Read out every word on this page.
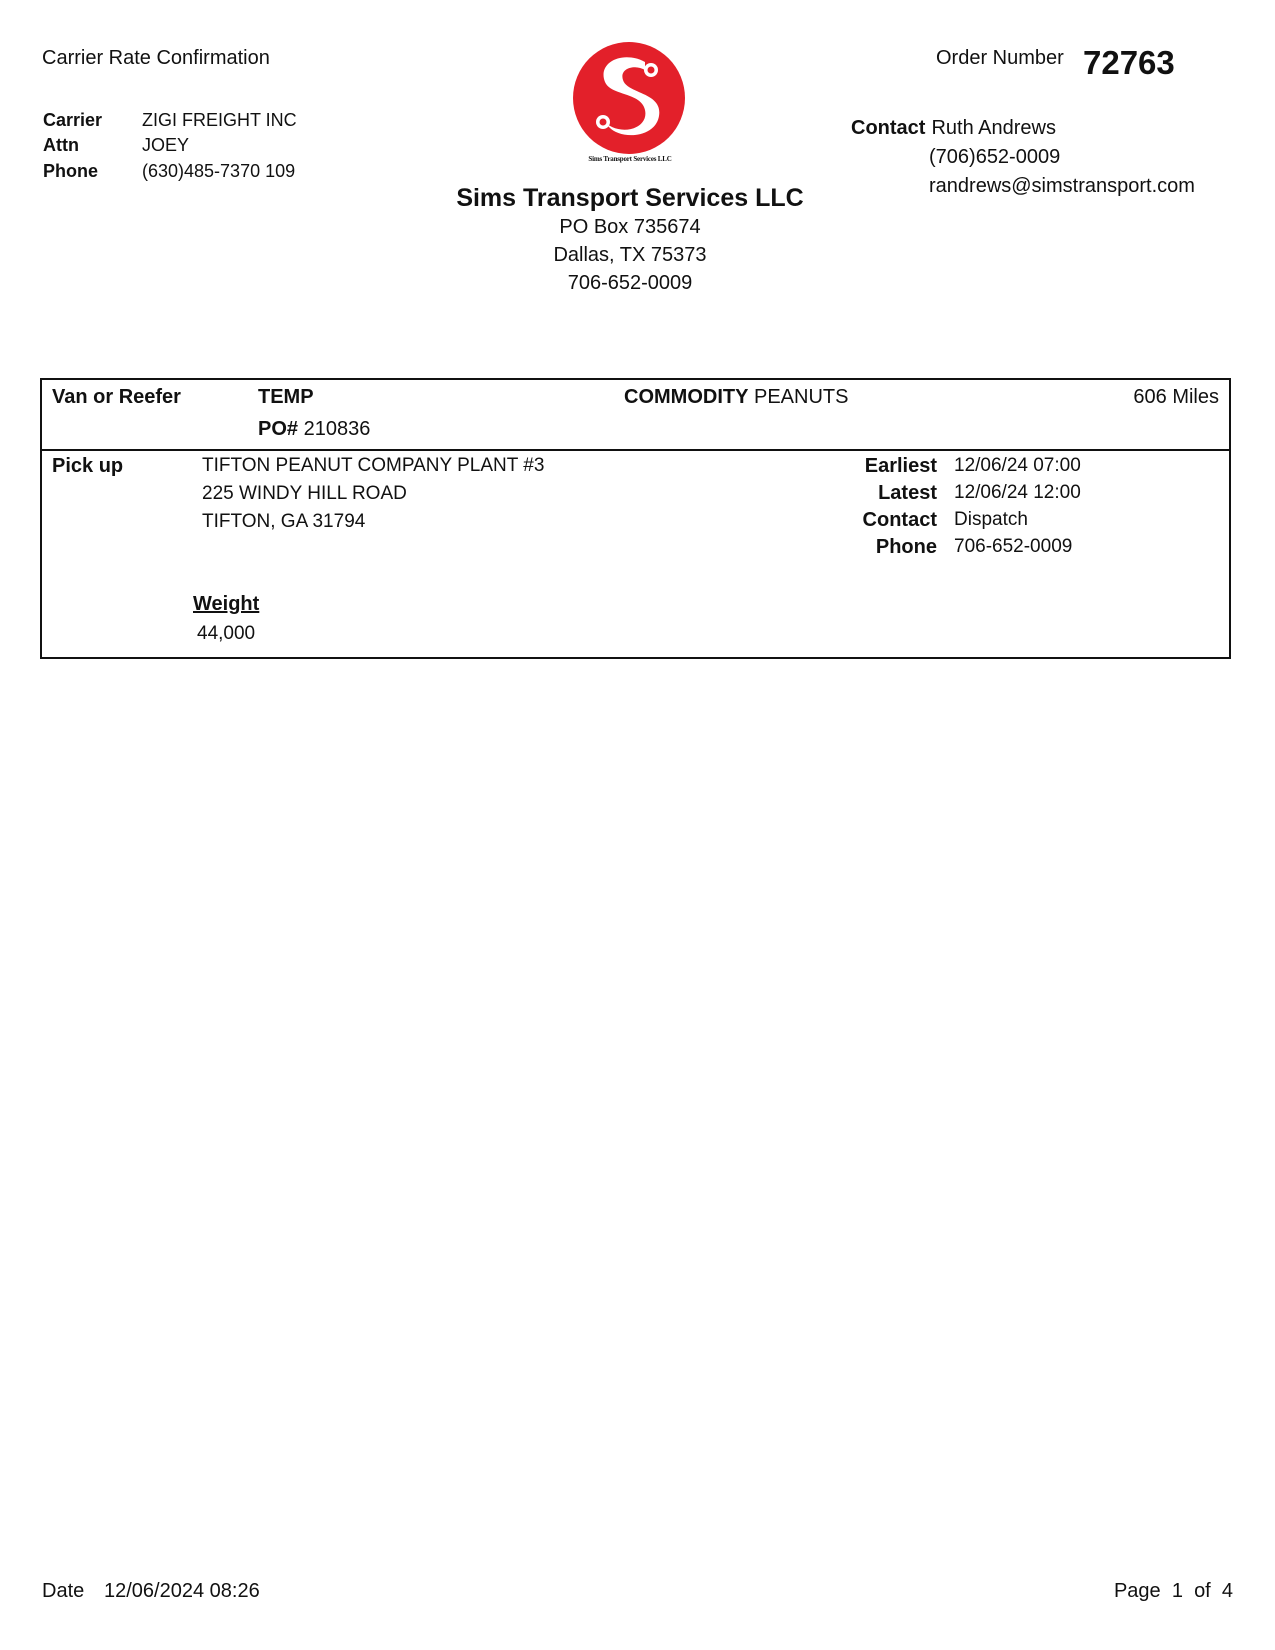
Carrier Rate Confirmation	Order Number 72763
Carrier	ZIGI FREIGHT INC
Attn	JOEY
Phone	(630)485-7370 109
Sims Transport Services LLC
Sims Transport Services LLC
PO Box 735674
Dallas, TX 75373
706-652-0009
Contact Ruth Andrews
(706)652-0009
randrews@simstransport.com
Van or Reefer	TEMP
PO# 210836
COMMODITY PEANUTS	606 Miles
Pick up	TIFTON PEANUT COMPANY PLANT #3
225 WINDY HILL ROAD
TIFTON, GA 31794
Earliest 12/06/24 07:00
Latest 12/06/24 12:00
Contact Dispatch
Phone 706-652-0009
Weight
44,000
Date 12/06/2024 08:26	Page 1 of 4
